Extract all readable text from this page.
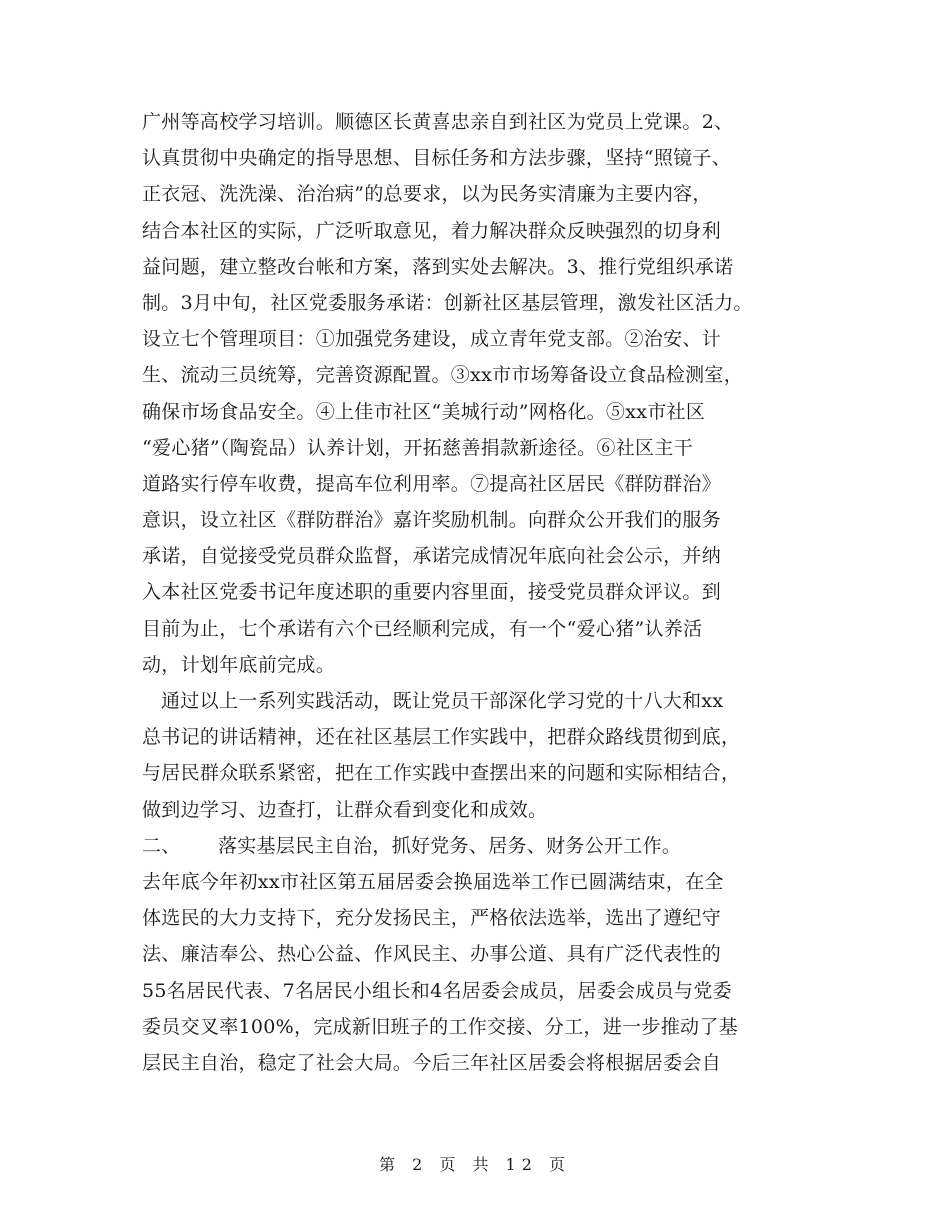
广州等高校学习培训。顺德区长黄喜忠亲自到社区为党员上党课。2、
认真贯彻中央确定的指导思想、目标任务和方法步骤，坚持“照镜子、
正衣冠、洗洗澡、治治病”的总要求，以为民务实清廉为主要内容，
结合本社区的实际，广泛听取意见，着力解决群众反映强烈的切身利
益问题，建立整改台帐和方案，落到实处去解决。3、推行党组织承诺
制。3月中旬，社区党委服务承诺：创新社区基层管理，激发社区活力。
设立七个管理项目：①加强党务建设，成立青年党支部。②治安、计
生、流动三员统筹，完善资源配置。③xx市市场筹备设立食品检测室，
确保市场食品安全。④上佳市社区“美城行动”网格化。⑤xx市社区
“爱心猪”（陶瓷品）认养计划，开拓慈善捐款新途径。⑥社区主干
道路实行停车收费，提高车位利用率。⑦提高社区居民《群防群治》
意识，设立社区《群防群治》嘉许奖励机制。向群众公开我们的服务
承诺，自觉接受党员群众监督，承诺完成情况年底向社会公示，并纳
入本社区党委书记年度述职的重要内容里面，接受党员群众评议。到
目前为止，七个承诺有六个已经顺利完成，有一个“爱心猪”认养活
动，计划年底前完成。
通过以上一系列实践活动，既让党员干部深化学习党的十八大和xx
总书记的讲话精神，还在社区基层工作实践中，把群众路线贯彻到底，
与居民群众联系紧密，把在工作实践中查摆出来的问题和实际相结合，
做到边学习、边查打，让群众看到变化和成效。
二、 落实基层民主自治，抓好党务、居务、财务公开工作。
去年底今年初xx市社区第五届居委会换届选举工作已圆满结束，在全
体选民的大力支持下，充分发扬民主，严格依法选举，选出了遵纪守
法、廉洁奉公、热心公益、作风民主、办事公道、具有广泛代表性的
55名居民代表、7名居民小组长和4名居委会成员，居委会成员与党委
委员交叉率100%，完成新旧班子的工作交接、分工，进一步推动了基
层民主自治，稳定了社会大局。今后三年社区居委会将根据居委会自
第 2 页 共 12 页
